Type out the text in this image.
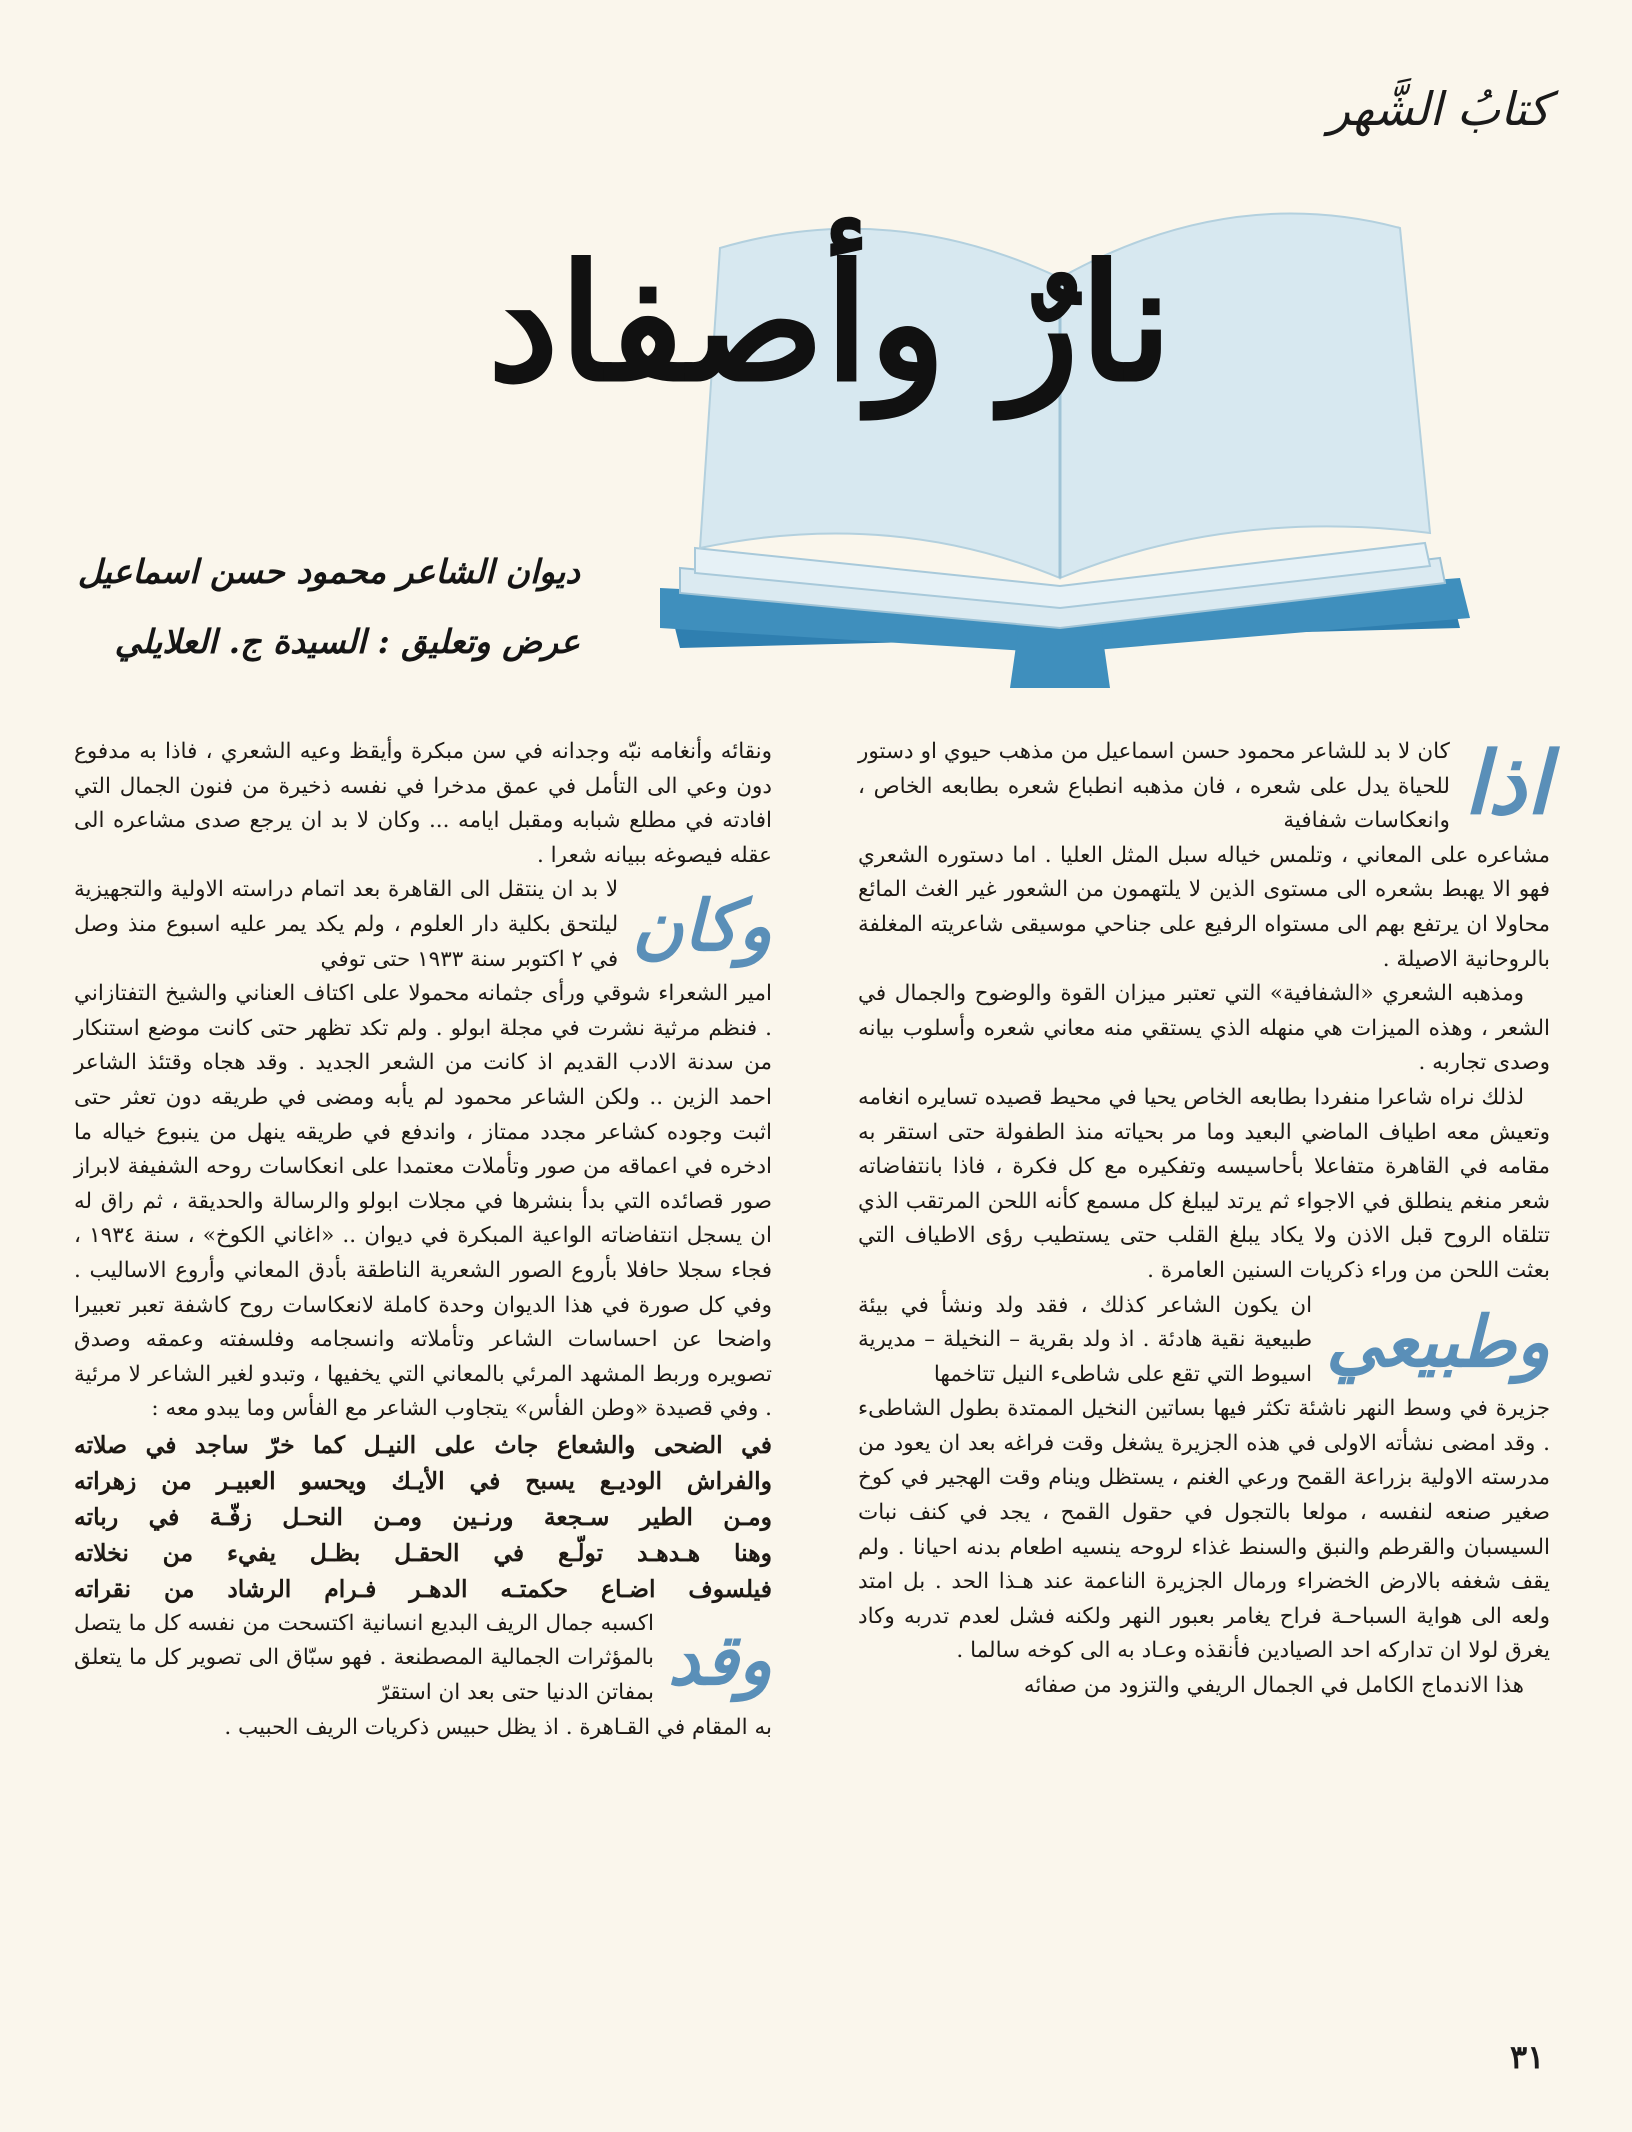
كتابُ الشَّهر
نارٌ وأصفاد
ديوان الشاعر محمود حسن اسماعيل
عرض وتعليق : السيدة ج. العلايلي
اذا
كان لا بد للشاعر محمود حسن اسماعيل من مذهب حيوي او دستور للحياة يدل على شعره ، فان مذهبه انطباع شعره بطابعه الخاص ، وانعكاسات شفافية

مشاعره على المعاني ، وتلمس خياله سبل المثل العليا . اما دستوره الشعري فهو الا يهبط بشعره الى مستوى الذين لا يلتهمون من الشعور غير الغث المائع محاولا ان يرتفع بهم الى مستواه الرفيع على جناحي موسيقى شاعريته المغلفة بالروحانية الاصيلة .

ومذهبه الشعري «الشفافية» التي تعتبر ميزان القوة والوضوح والجمال في الشعر ، وهذه الميزات هي منهله الذي يستقي منه معاني شعره وأسلوب بيانه وصدى تجاربه .

لذلك نراه شاعرا منفردا بطابعه الخاص يحيا في محيط قصيده تسايره انغامه وتعيش معه اطياف الماضي البعيد وما مر بحياته منذ الطفولة حتى استقر به مقامه في القاهرة متفاعلا بأحاسيسه وتفكيره مع كل فكرة ، فاذا بانتفاضاته شعر منغم ينطلق في الاجواء ثم يرتد ليبلغ كل مسمع كأنه اللحن المرتقب الذي تتلقاه الروح قبل الاذن ولا يكاد يبلغ القلب حتى يستطيب رؤى الاطياف التي بعثت اللحن من وراء ذكريات السنين العامرة .

وطبيعي
ان يكون الشاعر كذلك ، فقد ولد ونشأ في بيئة طبيعية نقية هادئة . اذ ولد بقرية – النخيلة – مديرية اسيوط التي تقع على شاطىء النيل تتاخمها

جزيرة في وسط النهر ناشئة تكثر فيها بساتين النخيل الممتدة بطول الشاطىء . وقد امضى نشأته الاولى في هذه الجزيرة يشغل وقت فراغه بعد ان يعود من مدرسته الاولية بزراعة القمح ورعي الغنم ، يستظل وينام وقت الهجير في كوخ صغير صنعه لنفسه ، مولعا بالتجول في حقول القمح ، يجد في كنف نبات السيسبان والقرطم والنبق والسنط غذاء لروحه ينسيه اطعام بدنه احيانا . ولم يقف شغفه بالارض الخضراء ورمال الجزيرة الناعمة عند هـذا الحد . بل امتد ولعه الى هواية السباحـة فراح يغامر بعبور النهر ولكنه فشل لعدم تدربه وكاد يغرق لولا ان تداركه احد الصيادين فأنقذه وعـاد به الى كوخه سالما .

هذا الاندماج الكامل في الجمال الريفي والتزود من صفائه

ونقائه وأنغامه نبّه وجدانه في سن مبكرة وأيقظ وعيه الشعري ، فاذا به مدفوع دون وعي الى التأمل في عمق مدخرا في نفسه ذخيرة من فنون الجمال التي افادته في مطلع شبابه ومقبل ايامه ... وكان لا بد ان يرجع صدى مشاعره الى عقله فيصوغه ببيانه شعرا .

وكان
لا بد ان ينتقل الى القاهرة بعد اتمام دراسته الاولية والتجهيزية ليلتحق بكلية دار العلوم ، ولم يكد يمر عليه اسبوع منذ وصل في ٢ اكتوبر سنة ١٩٣٣ حتى توفي

امير الشعراء شوقي ورأى جثمانه محمولا على اكتاف العناني والشيخ التفتازاني . فنظم مرثية نشرت في مجلة ابولو . ولم تكد تظهر حتى كانت موضع استنكار من سدنة الادب القديم اذ كانت من الشعر الجديد . وقد هجاه وقتئذ الشاعر احمد الزين .. ولكن الشاعر محمود لم يأبه ومضى في طريقه دون تعثر حتى اثبت وجوده كشاعر مجدد ممتاز ، واندفع في طريقه ينهل من ينبوع خياله ما ادخره في اعماقه من صور وتأملات معتمدا على انعكاسات روحه الشفيفة لابراز صور قصائده التي بدأ بنشرها في مجلات ابولو والرسالة والحديقة ، ثم راق له ان يسجل انتفاضاته الواعية المبكرة في ديوان .. «اغاني الكوخ» ، سنة ١٩٣٤ ، فجاء سجلا حافلا بأروع الصور الشعرية الناطقة بأدق المعاني وأروع الاساليب . وفي كل صورة في هذا الديوان وحدة كاملة لانعكاسات روح كاشفة تعبر تعبيرا واضحا عن احساسات الشاعر وتأملاته وانسجامه وفلسفته وعمقه وصدق تصويره وربط المشهد المرئي بالمعاني التي يخفيها ، وتبدو لغير الشاعر لا مرئية . وفي قصيدة «وطن الفأس» يتجاوب الشاعر مع الفأس وما يبدو معه :

في الضحى والشعاع جاث على النيـل كما خرّ ساجد في صلاته
والفراش الوديـع يسبح في الأيـك ويحسو العبيـر من زهراته
ومـن الطير سـجعة ورنـين ومـن النحـل زفّـة في رباته
وهنا هـدهـد تولّـع في الحقـل بظـل يفيء من نخلاته
فيلسوف اضـاع حكمتـه الدهـر فـرام الرشاد من نقراته
وقد
اكسبه جمال الريف البديع انسانية اكتسحت من نفسه كل ما يتصل بالمؤثرات الجمالية المصطنعة . فهو سبّاق الى تصوير كل ما يتعلق بمفاتن الدنيا حتى بعد ان استقرّ

به المقام في القـاهرة . اذ يظل حبيس ذكريات الريف الحبيب .

٣١
